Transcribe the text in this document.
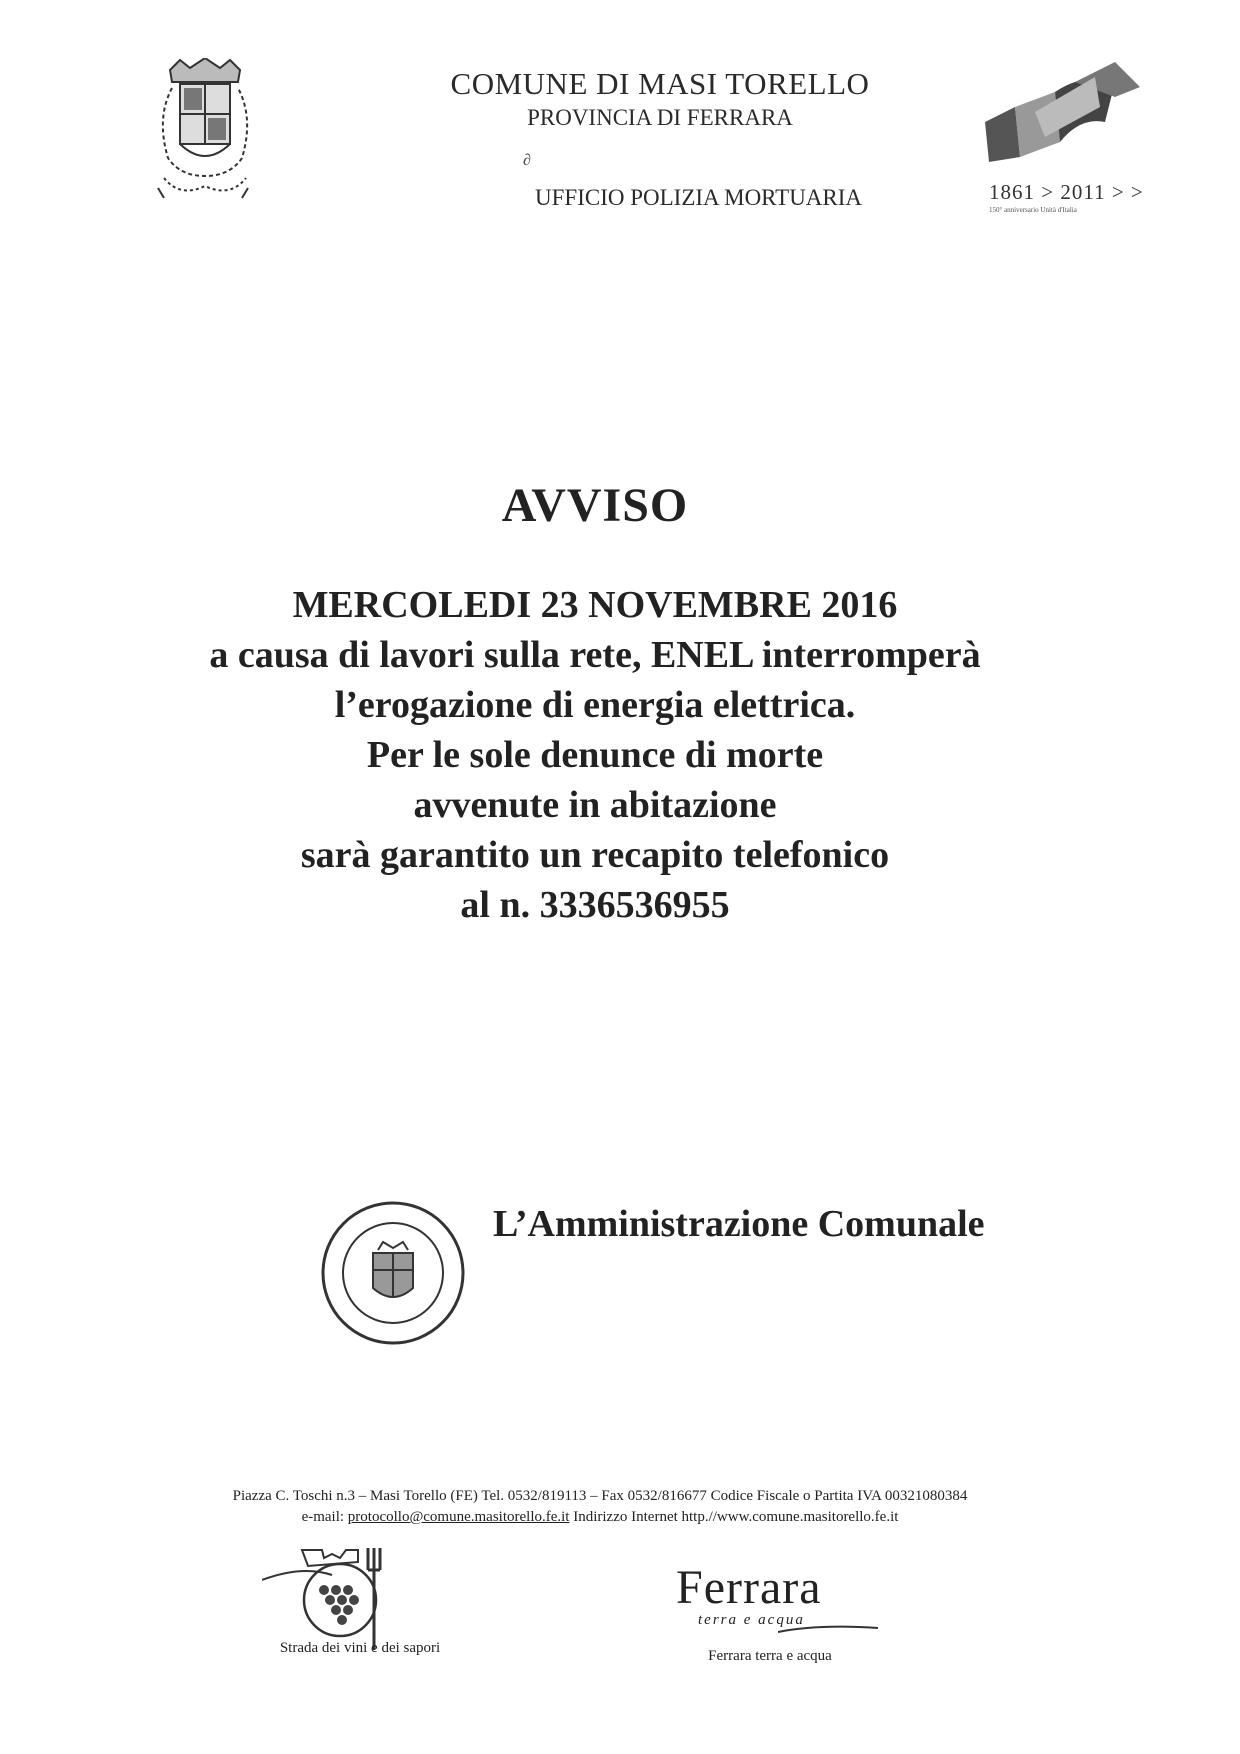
COMUNE DI MASI TORELLO
PROVINCIA DI FERRARA
UFFICIO POLIZIA MORTUARIA
∂
1861 > 2011 > >
150° anniversario Unità d'Italia
AVVISO
MERCOLEDI 23 NOVEMBRE 2016
a causa di lavori sulla rete, ENEL interromperà
l’erogazione di energia elettrica.
Per le sole denunce di morte
avvenute in abitazione
sarà garantito un recapito telefonico
al n. 3336536955
L’Amministrazione Comunale
Piazza C. Toschi n.3 – Masi Torello (FE) Tel. 0532/819113 – Fax 0532/816677 Codice Fiscale o Partita IVA 00321080384
e-mail: protocollo@comune.masitorello.fe.it Indirizzo Internet http.//www.comune.masitorello.fe.it
Strada dei vini e dei sapori
Ferrara
terra e acqua
Ferrara terra e acqua
